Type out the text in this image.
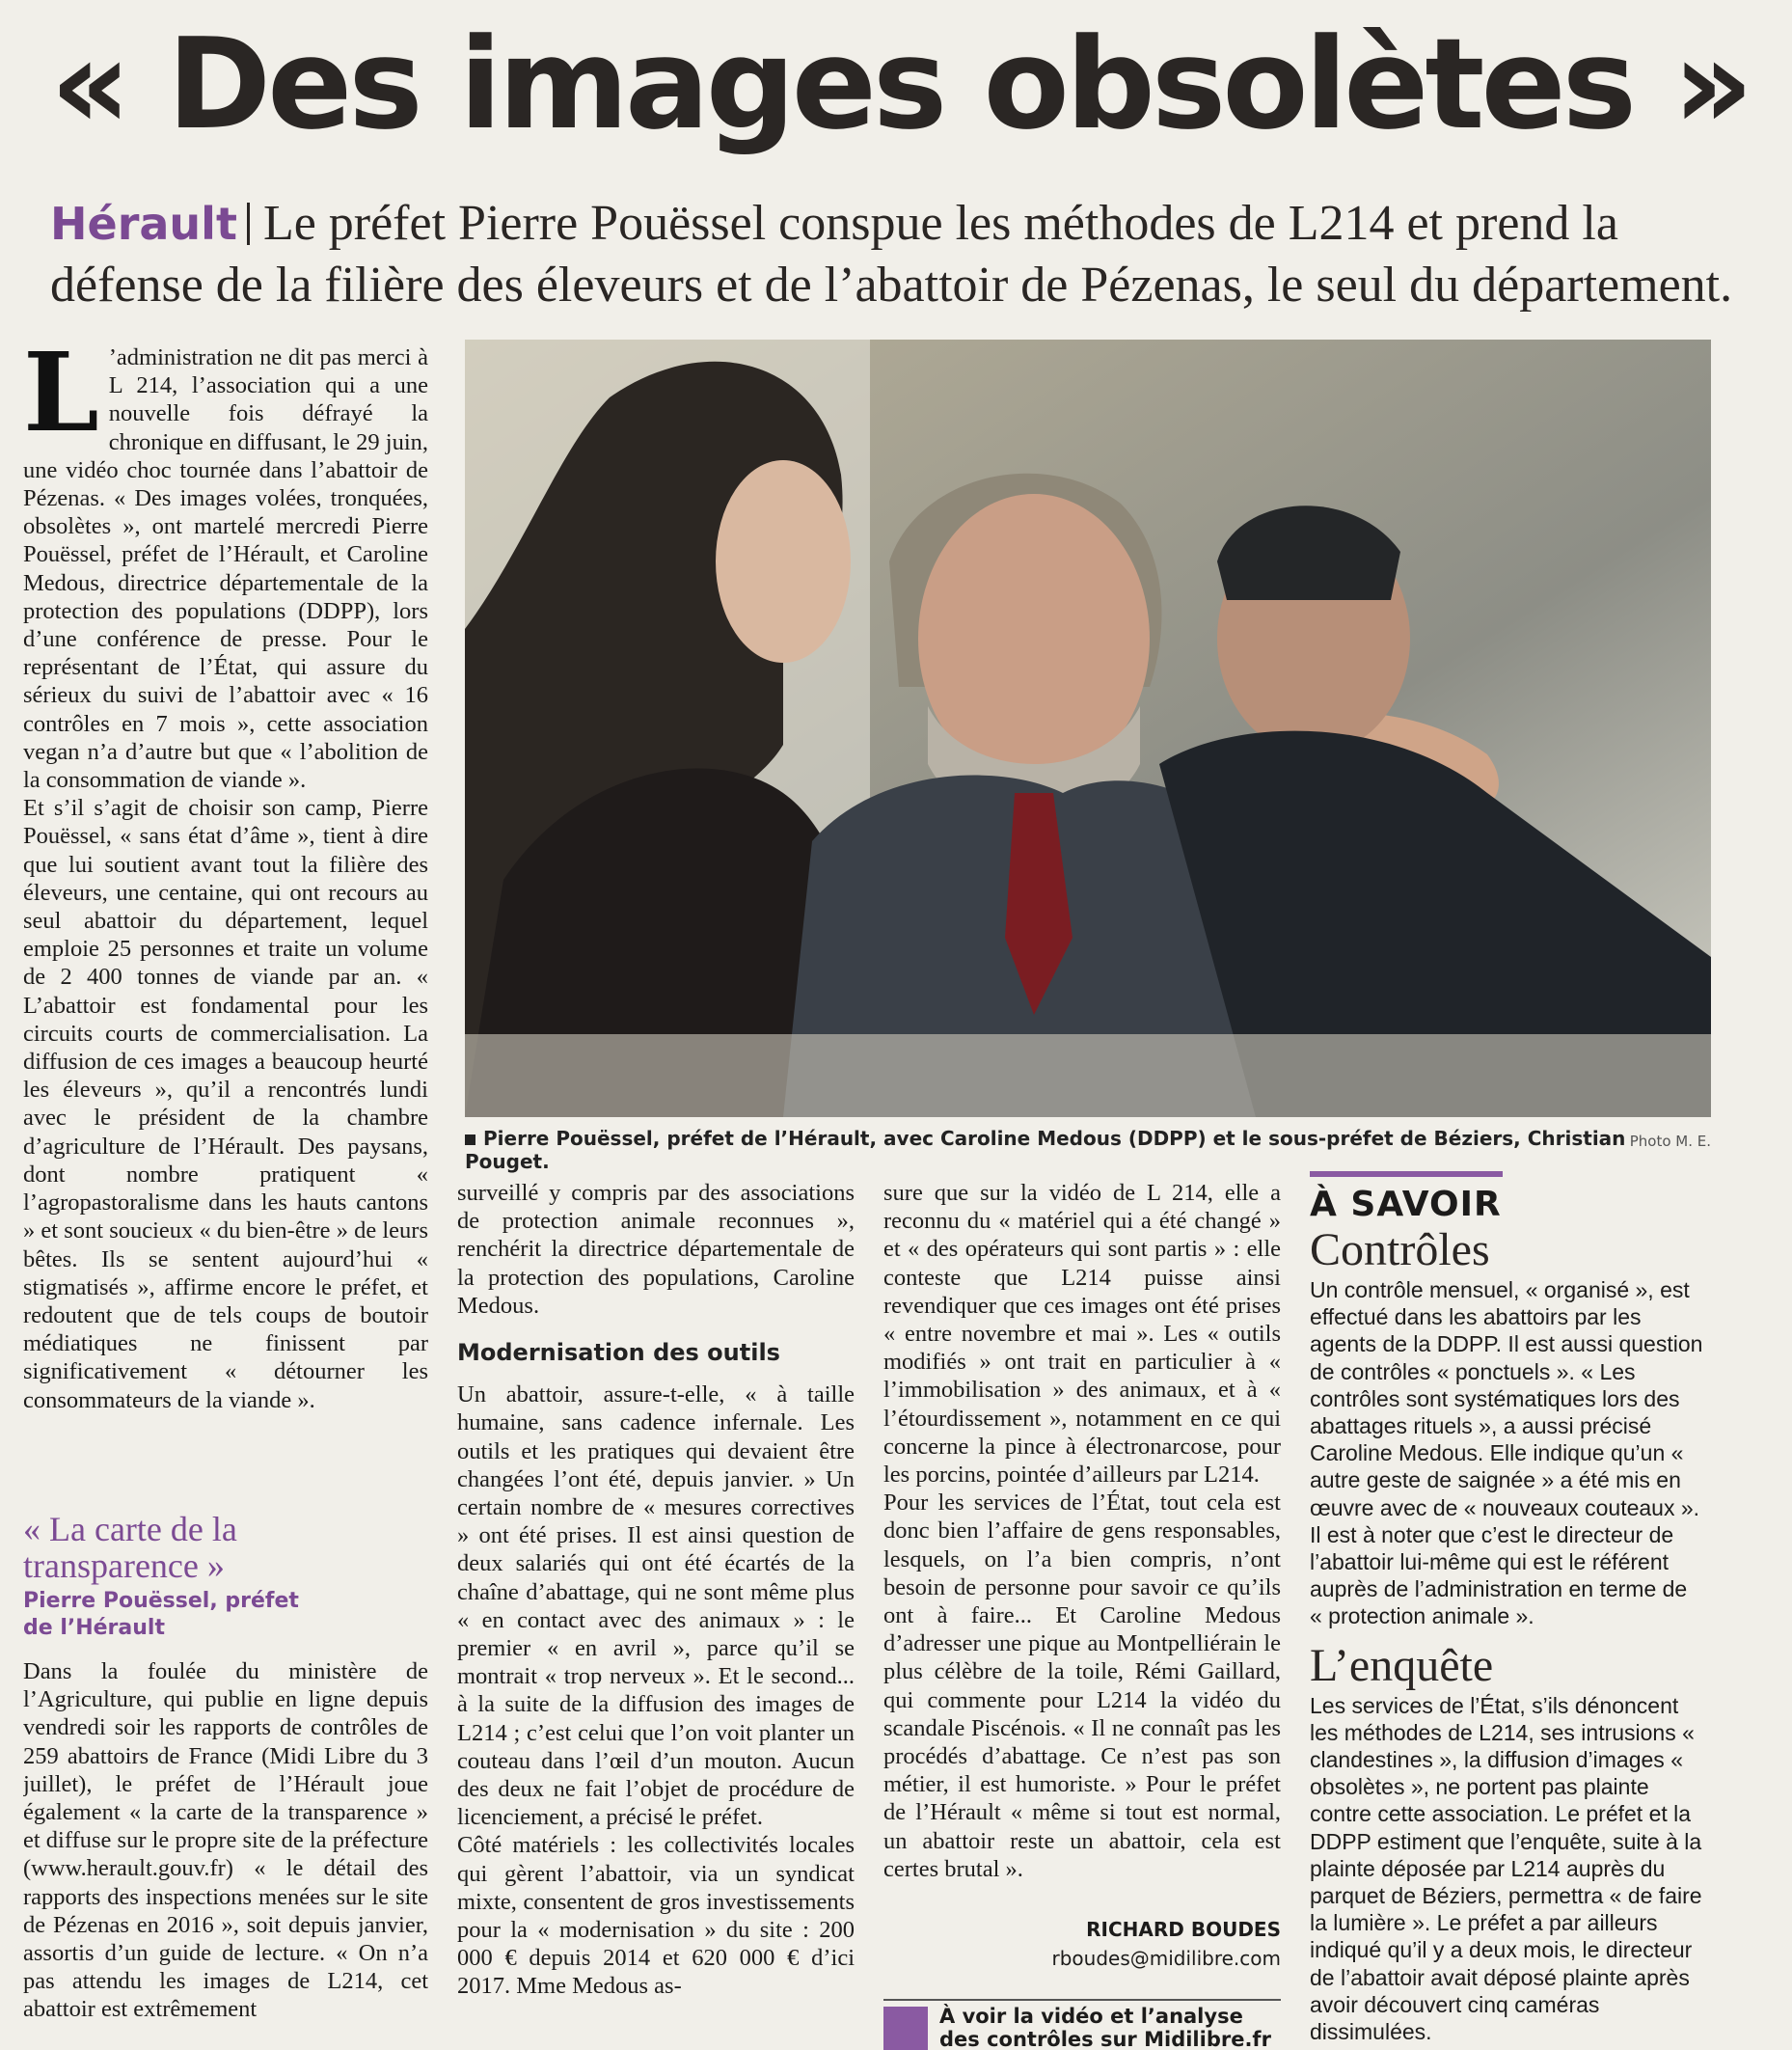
« Des images obsolètes »
Hérault Le préfet Pierre Pouëssel conspue les méthodes de L214 et prend la défense de la filière des éleveurs et de l’abattoir de Pézenas, le seul du département.
L ’administration ne dit pas merci à L 214, l’association qui a une nouvelle fois défrayé la chronique en diffusant, le 29 juin, une vidéo choc tournée dans l’abattoir de Pézenas. « Des images volées, tronquées, obsolètes », ont martelé mercredi Pierre Pouëssel, préfet de l’Hérault, et Caroline Medous, directrice départementale de la protection des populations (DDPP), lors d’une conférence de presse. Pour le représentant de l’État, qui assure du sérieux du suivi de l’abattoir avec « 16 contrôles en 7 mois », cette association vegan n’a d’autre but que « l’abolition de la consommation de viande ».

Et s’il s’agit de choisir son camp, Pierre Pouëssel, « sans état d’âme », tient à dire que lui soutient avant tout la filière des éleveurs, une centaine, qui ont recours au seul abattoir du département, lequel emploie 25 personnes et traite un volume de 2 400 tonnes de viande par an. « L’abattoir est fondamental pour les circuits courts de commercialisation. La diffusion de ces images a beaucoup heurté les éleveurs », qu’il a rencontrés lundi avec le président de la chambre d’agriculture de l’Hérault. Des paysans, dont nombre pratiquent « l’agropastoralisme dans les hauts cantons » et sont soucieux « du bien-être » de leurs bêtes. Ils se sentent aujourd’hui « stigmatisés », affirme encore le préfet, et redoutent que de tels coups de boutoir médiatiques ne finissent par significativement « détourner les consommateurs de la viande ».

« La carte de la transparence »
Pierre Pouëssel, préfet de l’Hérault
Dans la foulée du ministère de l’Agriculture, qui publie en ligne depuis vendredi soir les rapports de contrôles de 259 abattoirs de France (Midi Libre du 3 juillet), le préfet de l’Hérault joue également « la carte de la transparence » et diffuse sur le propre site de la préfecture (www.herault.gouv.fr) « le détail des rapports des inspections menées sur le site de Pézenas en 2016 », soit depuis janvier, assortis d’un guide de lecture. « On n’a pas attendu les images de L214, cet abattoir est extrêmement
Pierre Pouëssel, préfet de l’Hérault, avec Caroline Medous (DDPP) et le sous-préfet de Béziers, Christian Pouget.
Photo M. E.

surveillé y compris par des associations de protection animale reconnues », renchérit la directrice départementale de la protection des populations, Caroline Medous.

Modernisation des outils

Un abattoir, assure-t-elle, « à taille humaine, sans cadence infernale. Les outils et les pratiques qui devaient être changées l’ont été, depuis janvier. » Un certain nombre de « mesures correctives » ont été prises. Il est ainsi question de deux salariés qui ont été écartés de la chaîne d’abattage, qui ne sont même plus « en contact avec des animaux » : le premier « en avril », parce qu’il se montrait « trop nerveux ». Et le second... à la suite de la diffusion des images de L214 ; c’est celui que l’on voit planter un couteau dans l’œil d’un mouton. Aucun des deux ne fait l’objet de procédure de licenciement, a précisé le préfet.

Côté matériels : les collectivités locales qui gèrent l’abattoir, via un syndicat mixte, consentent de gros investissements pour la « modernisation » du site : 200 000 € depuis 2014 et 620 000 € d’ici 2017. Mme Medous as-

sure que sur la vidéo de L 214, elle a reconnu du « matériel qui a été changé » et « des opérateurs qui sont partis » : elle conteste que L214 puisse ainsi revendiquer que ces images ont été prises « entre novembre et mai ». Les « outils modifiés » ont trait en particulier à « l’immobilisation » des animaux, et à « l’étourdissement », notamment en ce qui concerne la pince à électronarcose, pour les porcins, pointée d’ailleurs par L214.

Pour les services de l’État, tout cela est donc bien l’affaire de gens responsables, lesquels, on l’a bien compris, n’ont besoin de personne pour savoir ce qu’ils ont à faire... Et Caroline Medous d’adresser une pique au Montpelliérain le plus célèbre de la toile, Rémi Gaillard, qui commente pour L214 la vidéo du scandale Piscénois. « Il ne connaît pas les procédés d’abattage. Ce n’est pas son métier, il est humoriste. » Pour le préfet de l’Hérault « même si tout est normal, un abattoir reste un abattoir, cela est certes brutal ».

RICHARD BOUDES
rboudes@midilibre.com
À voir la vidéo et l’analyse des contrôles sur Midilibre.fr
À SAVOIR
Contrôles
Un contrôle mensuel, « organisé », est effectué dans les abattoirs par les agents de la DDPP. Il est aussi question de contrôles « ponctuels ». « Les contrôles sont systématiques lors des abattages rituels », a aussi précisé Caroline Medous. Elle indique qu’un « autre geste de saignée » a été mis en œuvre avec de « nouveaux couteaux ». Il est à noter que c’est le directeur de l’abattoir lui-même qui est le référent auprès de l’administration en terme de « protection animale ».
L’enquête
Les services de l’État, s’ils dénoncent les méthodes de L214, ses intrusions « clandestines », la diffusion d’images « obsolètes », ne portent pas plainte contre cette association. Le préfet et la DDPP estiment que l’enquête, suite à la plainte déposée par L214 auprès du parquet de Béziers, permettra « de faire la lumière ». Le préfet a par ailleurs indiqué qu’il y a deux mois, le directeur de l’abattoir avait déposé plainte après avoir découvert cinq caméras dissimulées.
